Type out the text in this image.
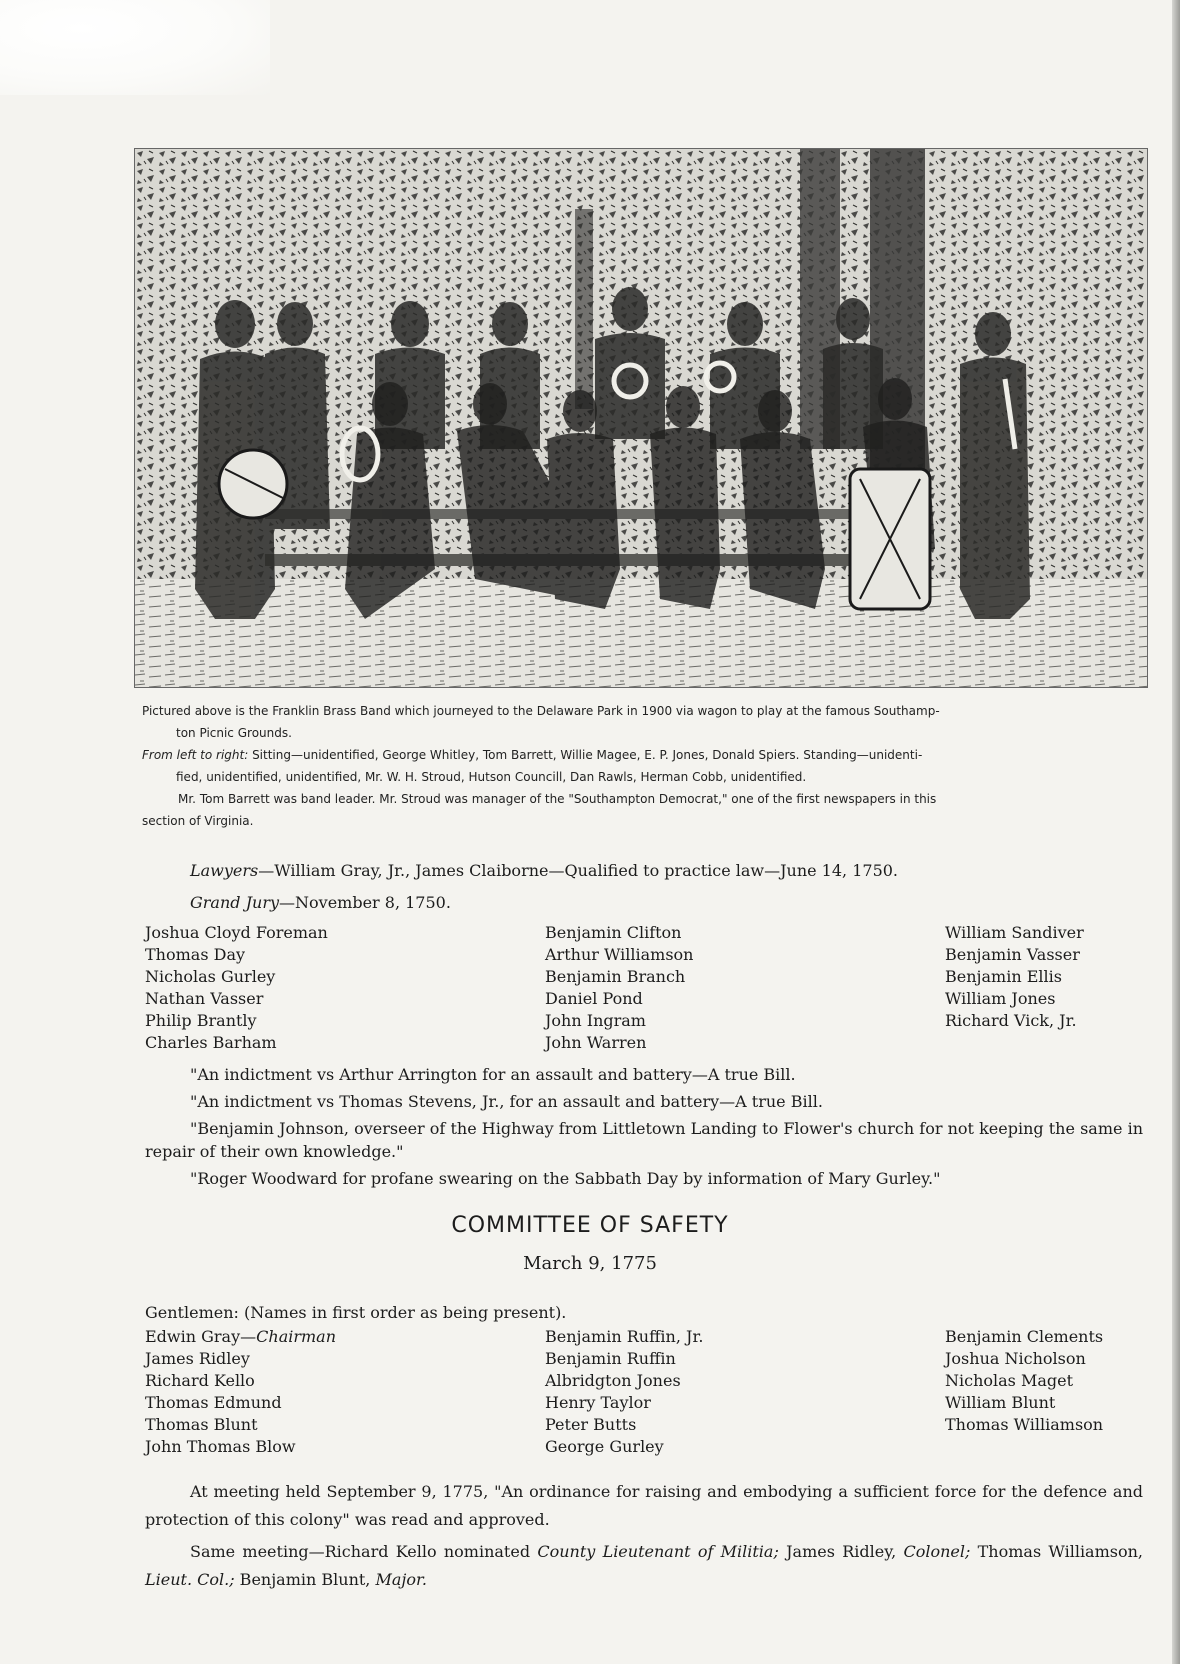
Pictured above is the Franklin Brass Band which journeyed to the Delaware Park in 1900 via wagon to play at the famous Southamp-

ton Picnic Grounds.

From left to right: Sitting—unidentified, George Whitley, Tom Barrett, Willie Magee, E. P. Jones, Donald Spiers. Standing—unidenti-

fied, unidentified, unidentified, Mr. W. H. Stroud, Hutson Councill, Dan Rawls, Herman Cobb, unidentified.

Mr. Tom Barrett was band leader. Mr. Stroud was manager of the "Southampton Democrat," one of the first newspapers in this

section of Virginia.

Lawyers—William Gray, Jr., James Claiborne—Qualified to practice law—June 14, 1750.

Grand Jury—November 8, 1750.

Joshua Cloyd Foreman
Thomas Day
Nicholas Gurley
Nathan Vasser
Philip Brantly
Charles Barham
Benjamin Clifton
Arthur Williamson
Benjamin Branch
Daniel Pond
John Ingram
John Warren
William Sandiver
Benjamin Vasser
Benjamin Ellis
William Jones
Richard Vick, Jr.

"An indictment vs Arthur Arrington for an assault and battery—A true Bill.

"An indictment vs Thomas Stevens, Jr., for an assault and battery—A true Bill.

"Benjamin Johnson, overseer of the Highway from Littletown Landing to Flower's church for not keeping the same in repair of their own knowledge."

"Roger Woodward for profane swearing on the Sabbath Day by information of Mary Gurley."

COMMITTEE OF SAFETY
March 9, 1775
Gentlemen: (Names in first order as being present).
Edwin Gray—Chairman
James Ridley
Richard Kello
Thomas Edmund
Thomas Blunt
John Thomas Blow
Benjamin Ruffin, Jr.
Benjamin Ruffin
Albridgton Jones
Henry Taylor
Peter Butts
George Gurley
Benjamin Clements
Joshua Nicholson
Nicholas Maget
William Blunt
Thomas Williamson

At meeting held September 9, 1775, "An ordinance for raising and embodying a sufficient force for the defence and protection of this colony" was read and approved.

Same meeting—Richard Kello nominated County Lieutenant of Militia; James Ridley, Colonel; Thomas Williamson, Lieut. Col.; Benjamin Blunt, Major.
